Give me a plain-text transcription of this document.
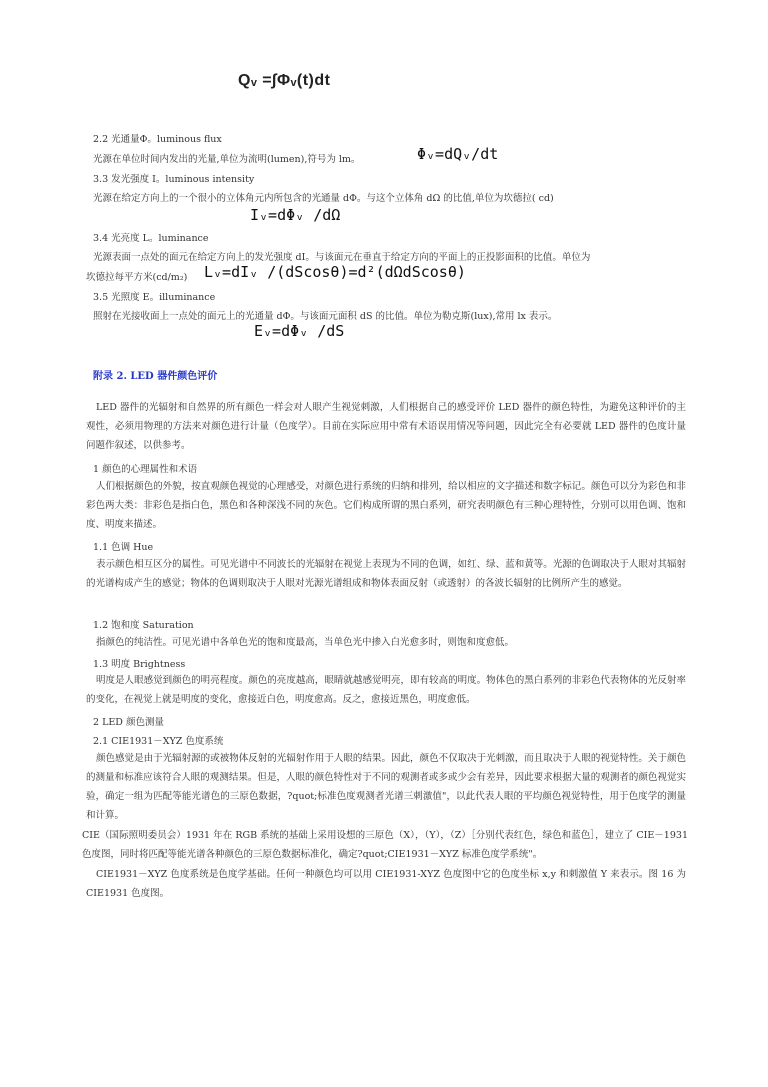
Qᵥ =∫Φᵥ(t)dt
2.2 光通量Φ。luminous flux
光源在单位时间内发出的光量,单位为流明(lumen),符号为 lm。	Φᵥ=dQᵥ/dt
3.3 发光强度 I。luminous intensity
光源在给定方向上的一个很小的立体角元内所包含的光通量 dΦ。与这个立体角 dΩ 的比值,单位为坎德拉( cd)
Iᵥ=dΦᵥ /dΩ
3.4 光亮度 L。luminance
光源表面一点处的面元在给定方向上的发光强度 dI。与该面元在垂直于给定方向的平面上的正投影面积的比值。单位为
坎德拉每平方米(cd/m₂) Lᵥ=dIᵥ /(dScosθ)=d²(dΩdScosθ)
3.5 光照度 E。illuminance
照射在光接收面上一点处的面元上的光通量 dΦ。与该面元面积 dS 的比值。单位为勒克斯(lux),常用 lx 表示。
Eᵥ=dΦᵥ /dS
附录 2. LED 器件颜色评价
LED 器件的光辐射和自然界的所有颜色一样会对人眼产生视觉刺激，人们根据自己的感受评价 LED 器件的颜色特性，为避免这种评价的主观性，必须用物理的方法来对颜色进行计量（色度学）。目前在实际应用中常有术语误用情况等问题，因此完全有必要就 LED 器件的色度计量问题作叙述，以供参考。
1 颜色的心理属性和术语
人们根据颜色的外貌，按直观颜色视觉的心理感受，对颜色进行系统的归纳和排列，给以相应的文字描述和数字标记。颜色可以分为彩色和非彩色两大类：非彩色是指白色，黑色和各种深浅不同的灰色。它们构成所谓的黑白系列，研究表明颜色有三种心理特性，分别可以用色调、饱和度、明度来描述。
1.1 色调 Hue
表示颜色相互区分的属性。可见光谱中不同波长的光辐射在视觉上表现为不同的色调，如红、绿、蓝和黄等。光源的色调取决于人眼对其辐射的光谱构成产生的感觉；物体的色调则取决于人眼对光源光谱组成和物体表面反射（或透射）的各波长辐射的比例所产生的感觉。
1.2 饱和度 Saturation
指颜色的纯洁性。可见光谱中各单色光的饱和度最高，当单色光中掺入白光愈多时，则饱和度愈低。
1.3 明度 Brightness
明度是人眼感觉到颜色的明亮程度。颜色的亮度越高，眼睛就越感觉明亮，即有较高的明度。物体色的黑白系列的非彩色代表物体的光反射率的变化，在视觉上就是明度的变化，愈接近白色，明度愈高。反之，愈接近黑色，明度愈低。
2 LED 颜色测量
2.1 CIE1931－XYZ 色度系统
颜色感觉是由于光辐射源的或被物体反射的光辐射作用于人眼的结果。因此，颜色不仅取决于光刺激，而且取决于人眼的视觉特性。关于颜色的测量和标准应该符合人眼的观测结果。但是，人眼的颜色特性对于不同的观测者或多或少会有差异，因此要求根据大量的观测者的颜色视觉实验，确定一组为匹配等能光谱色的三原色数据，?quot;标准色度观测者光谱三刺激值"，以此代表人眼的平均颜色视觉特性，用于色度学的测量和计算。
CIE（国际照明委员会）1931 年在 RGB 系统的基础上采用设想的三原色（X），（Y），（Z）［分别代表红色，绿色和蓝色］，建立了 CIE－1931 色度图，同时将匹配等能光谱各种颜色的三原色数据标准化，确定?quot;CIE1931－XYZ 标准色度学系统"。
CIE1931－XYZ 色度系统是色度学基础。任何一种颜色均可以用 CIE1931-XYZ 色度图中它的色度坐标 x,y 和刺激值 Y 来表示。图 16 为 CIE1931 色度图。
